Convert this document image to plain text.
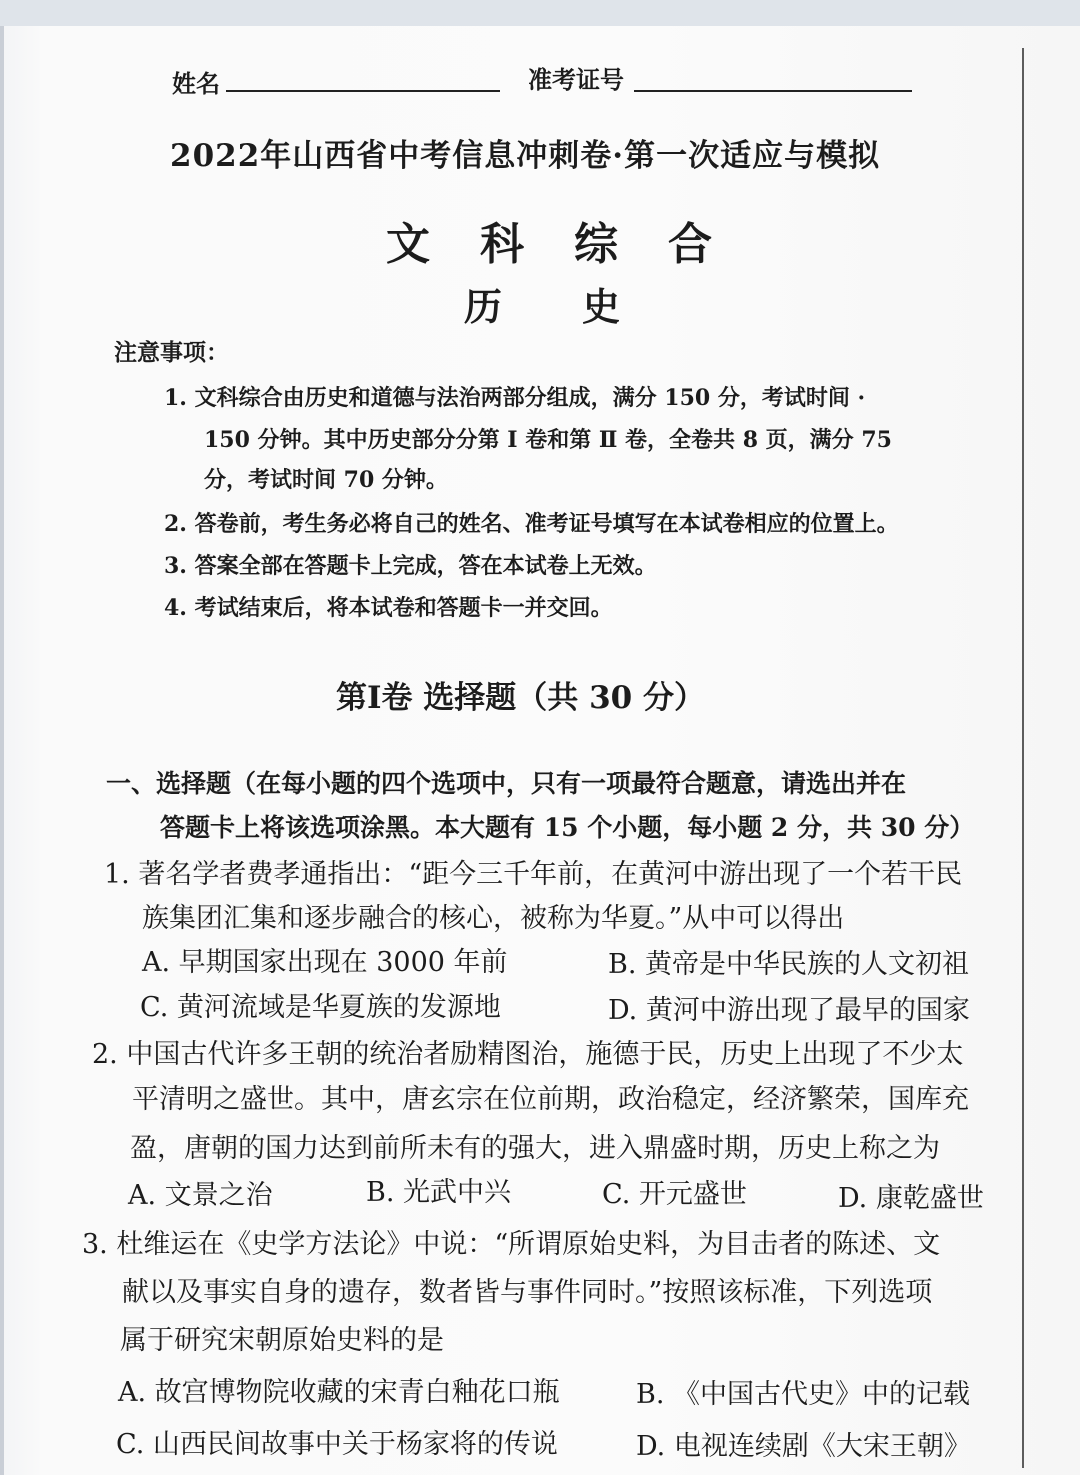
姓名	准考证号
2022年山西省中考信息冲刺卷·第一次适应与模拟
文科综合
历史
注意事项：
1. 文科综合由历史和道德与法治两部分组成，满分 150 分，考试时间 ·
150 分钟。其中历史部分分第 Ⅰ 卷和第 Ⅱ 卷，全卷共 8 页，满分 75
分，考试时间 70 分钟。
2. 答卷前，考生务必将自己的姓名、准考证号填写在本试卷相应的位置上。
3. 答案全部在答题卡上完成，答在本试卷上无效。
4. 考试结束后，将本试卷和答题卡一并交回。
第Ⅰ卷 选择题（共 30 分）
一、选择题（在每小题的四个选项中，只有一项最符合题意，请选出并在
答题卡上将该选项涂黑。本大题有 15 个小题，每小题 2 分，共 30 分）
1. 著名学者费孝通指出：“距今三千年前，在黄河中游出现了一个若干民
族集团汇集和逐步融合的核心，被称为华夏。”从中可以得出
A. 早期国家出现在 3000 年前	B. 黄帝是中华民族的人文初祖
C. 黄河流域是华夏族的发源地	D. 黄河中游出现了最早的国家
2. 中国古代许多王朝的统治者励精图治，施德于民，历史上出现了不少太
平清明之盛世。其中，唐玄宗在位前期，政治稳定，经济繁荣，国库充
盈，唐朝的国力达到前所未有的强大，进入鼎盛时期，历史上称之为
A. 文景之治	B. 光武中兴	C. 开元盛世	D. 康乾盛世
3. 杜维运在《史学方法论》中说：“所谓原始史料，为目击者的陈述、文
献以及事实自身的遗存，数者皆与事件同时。”按照该标准，下列选项
属于研究宋朝原始史料的是
A. 故宫博物院收藏的宋青白釉花口瓶	B. 《中国古代史》中的记载
C. 山西民间故事中关于杨家将的传说	D. 电视连续剧《大宋王朝》
